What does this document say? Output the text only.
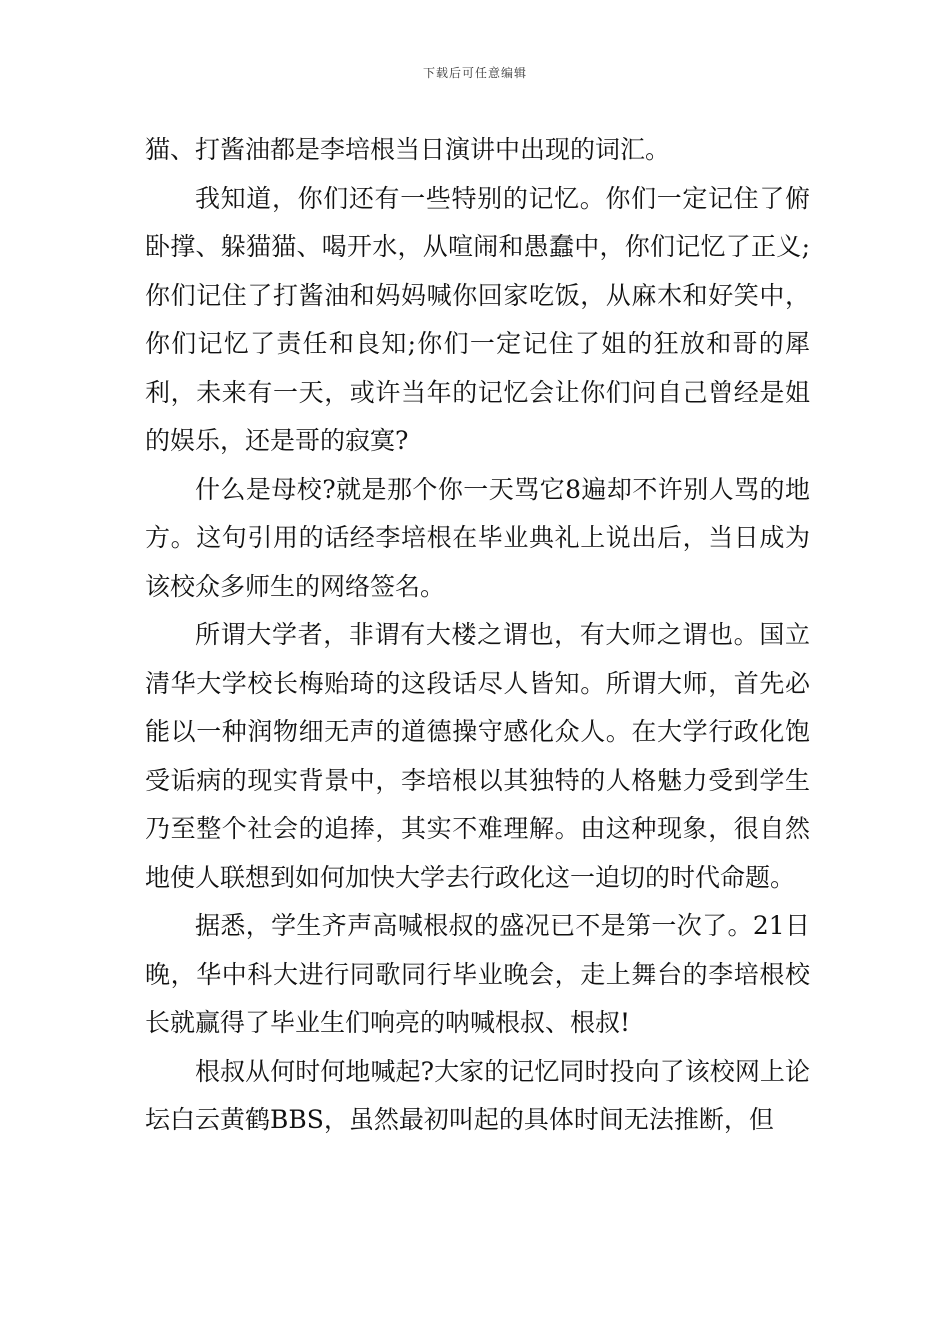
下载后可任意编辑

猫、打酱油都是李培根当日演讲中出现的词汇。

我知道，你们还有一些特别的记忆。你们一定记住了俯卧撑、躲猫猫、喝开水，从喧闹和愚蠢中，你们记忆了正义;你们记住了打酱油和妈妈喊你回家吃饭，从麻木和好笑中，你们记忆了责任和良知;你们一定记住了姐的狂放和哥的犀利，未来有一天，或许当年的记忆会让你们问自己曾经是姐的娱乐，还是哥的寂寞?

什么是母校?就是那个你一天骂它8遍却不许别人骂的地方。这句引用的话经李培根在毕业典礼上说出后，当日成为该校众多师生的网络签名。

所谓大学者，非谓有大楼之谓也，有大师之谓也。国立清华大学校长梅贻琦的这段话尽人皆知。所谓大师，首先必能以一种润物细无声的道德操守感化众人。在大学行政化饱受诟病的现实背景中，李培根以其独特的人格魅力受到学生乃至整个社会的追捧，其实不难理解。由这种现象，很自然地使人联想到如何加快大学去行政化这一迫切的时代命题。

据悉，学生齐声高喊根叔的盛况已不是第一次了。21日晚，华中科大进行同歌同行毕业晚会，走上舞台的李培根校长就赢得了毕业生们响亮的呐喊根叔、根叔!

根叔从何时何地喊起?大家的记忆同时投向了该校网上论坛白云黄鹤BBS，虽然最初叫起的具体时间无法推断，但
